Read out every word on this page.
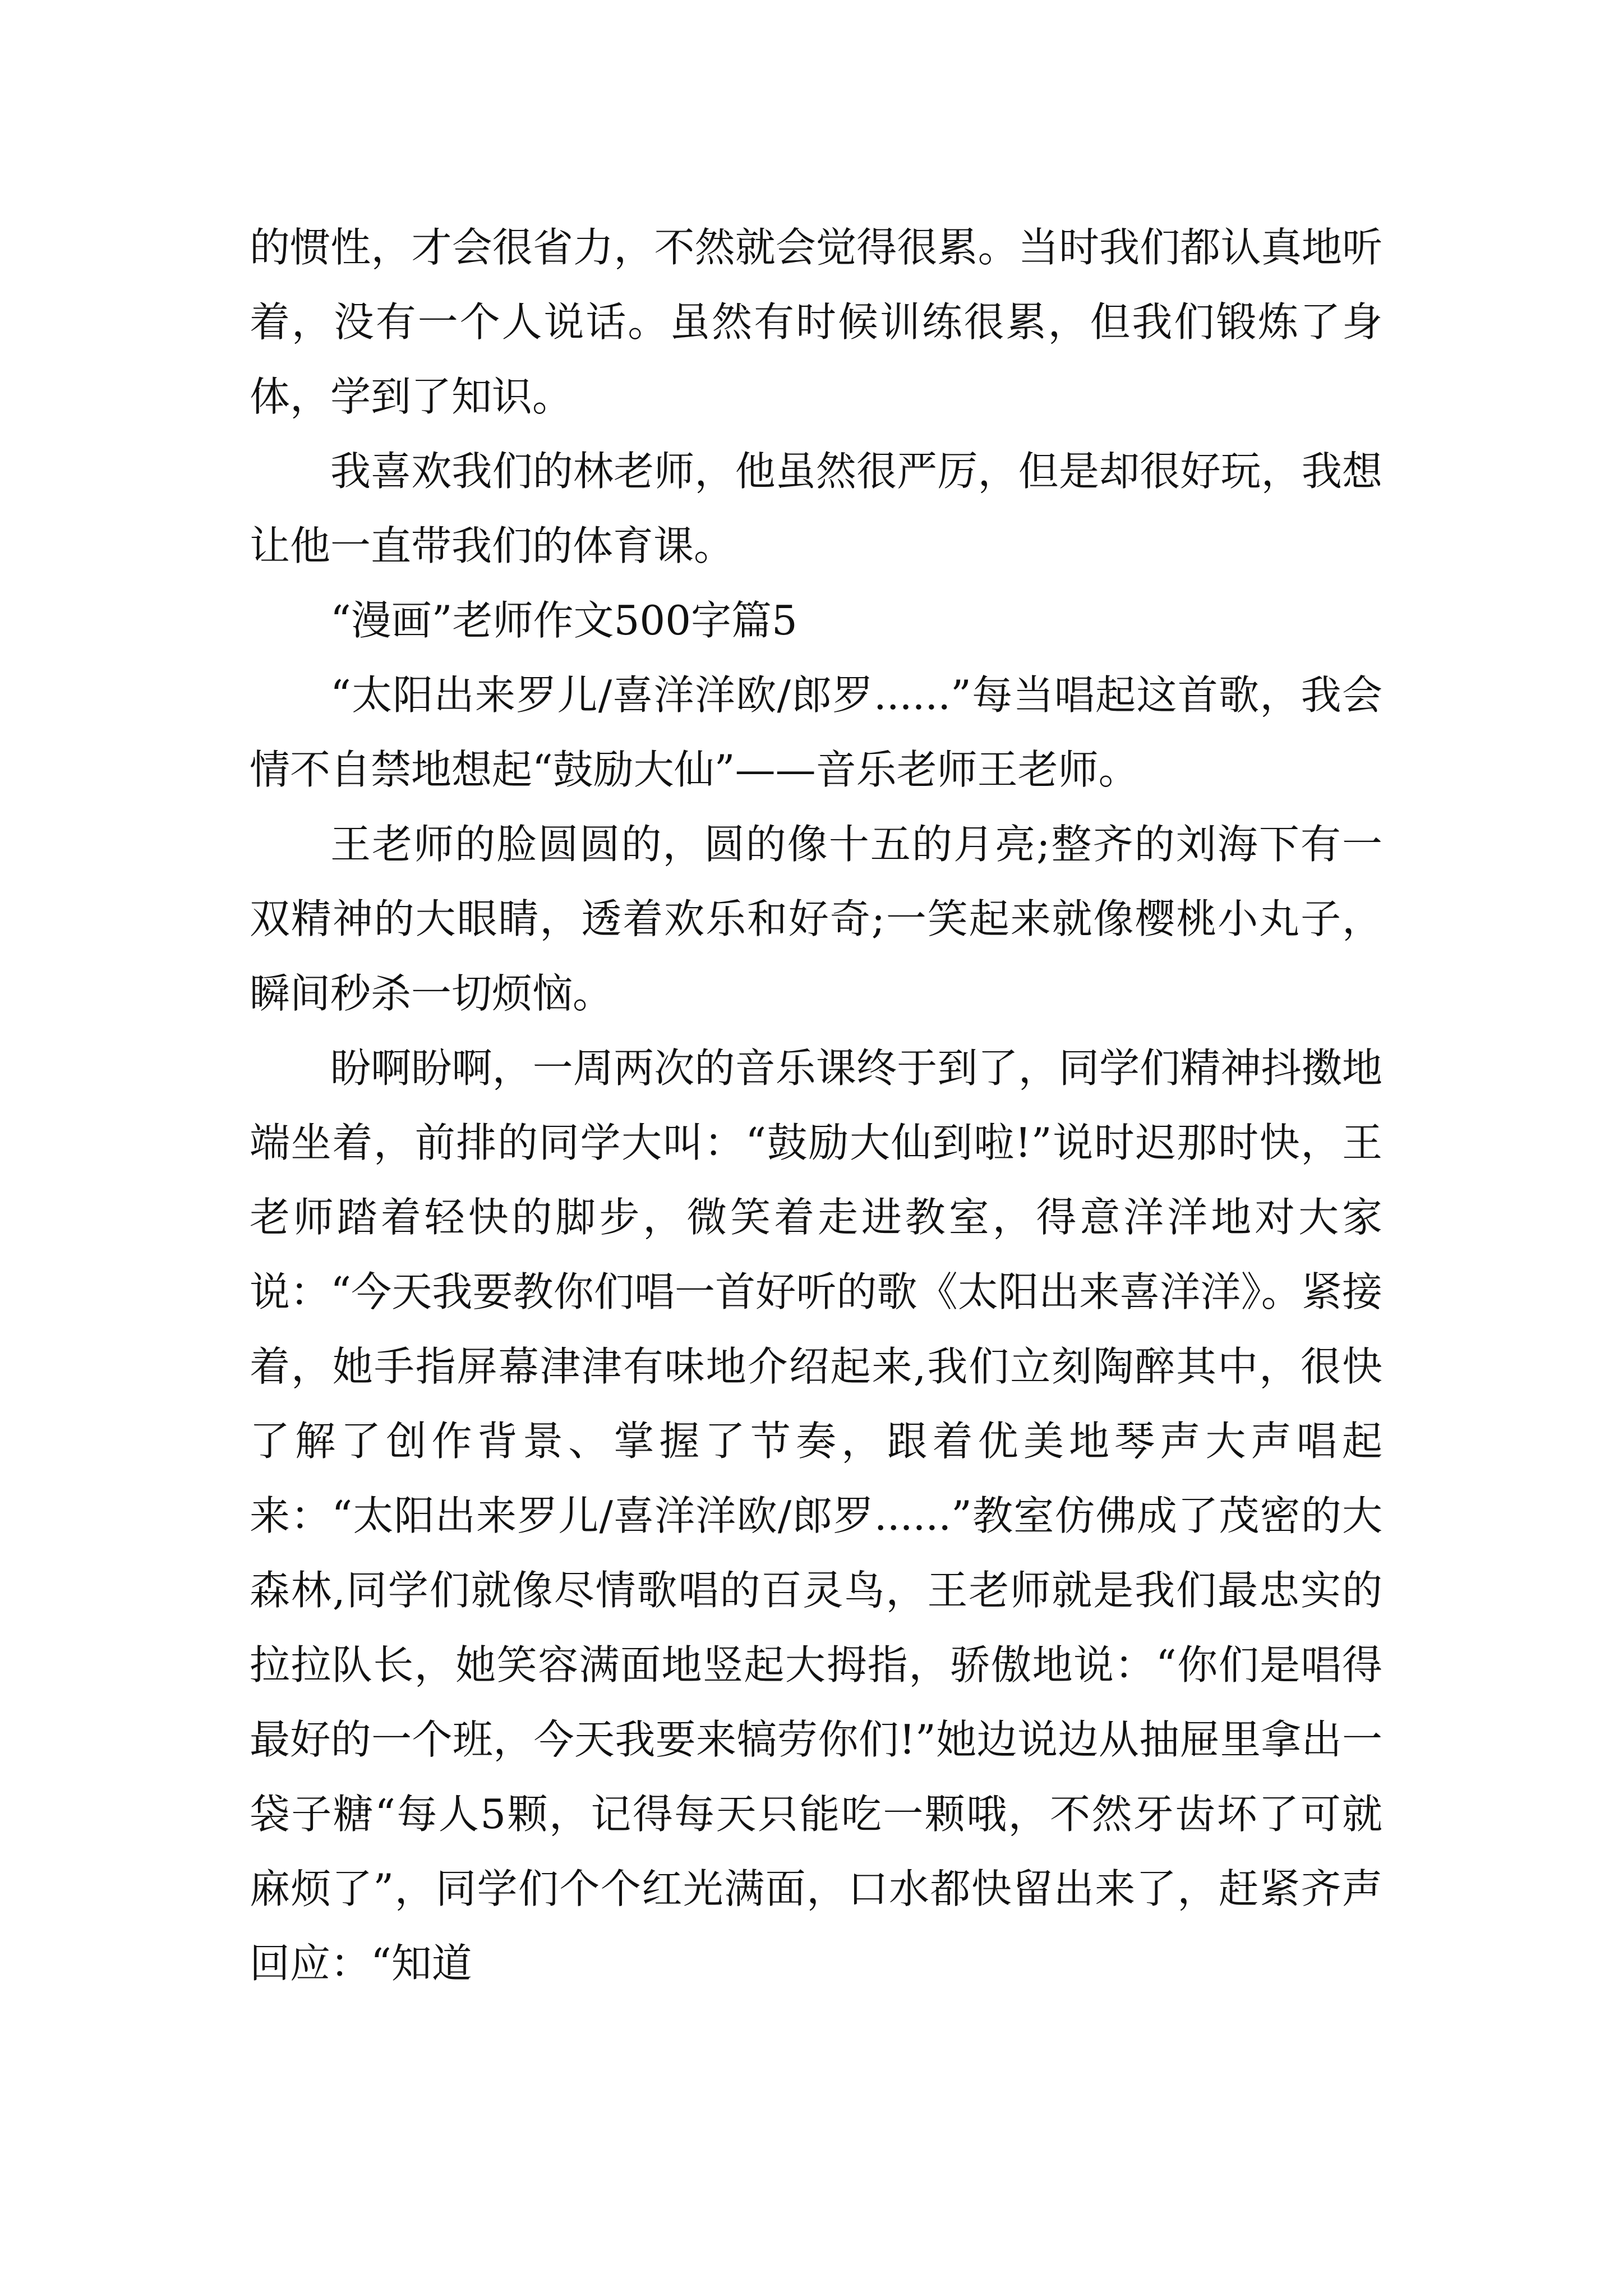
的惯性，才会很省力，不然就会觉得很累。当时我们都认真地听着，没有一个人说话。虽然有时候训练很累，但我们锻炼了身体，学到了知识。

我喜欢我们的林老师，他虽然很严厉，但是却很好玩，我想让他一直带我们的体育课。

“漫画”老师作文500字篇5

“太阳出来罗儿/喜洋洋欧/郎罗......”每当唱起这首歌，我会情不自禁地想起“鼓励大仙”——音乐老师王老师。

王老师的脸圆圆的，圆的像十五的月亮;整齐的刘海下有一双精神的大眼睛，透着欢乐和好奇;一笑起来就像樱桃小丸子，瞬间秒杀一切烦恼。

盼啊盼啊，一周两次的音乐课终于到了，同学们精神抖擞地端坐着，前排的同学大叫：“鼓励大仙到啦!”说时迟那时快，王老师踏着轻快的脚步，微笑着走进教室，得意洋洋地对大家说：“今天我要教你们唱一首好听的歌《太阳出来喜洋洋》。紧接着，她手指屏幕津津有味地介绍起来,我们立刻陶醉其中，很快了解了创作背景、掌握了节奏，跟着优美地琴声大声唱起来：“太阳出来罗儿/喜洋洋欧/郎罗......”教室仿佛成了茂密的大森林,同学们就像尽情歌唱的百灵鸟，王老师就是我们最忠实的拉拉队长，她笑容满面地竖起大拇指，骄傲地说：“你们是唱得最好的一个班，今天我要来犒劳你们!”她边说边从抽屉里拿出一袋子糖“每人5颗，记得每天只能吃一颗哦，不然牙齿坏了可就麻烦了”，同学们个个红光满面，口水都快留出来了，赶紧齐声回应：“知道
